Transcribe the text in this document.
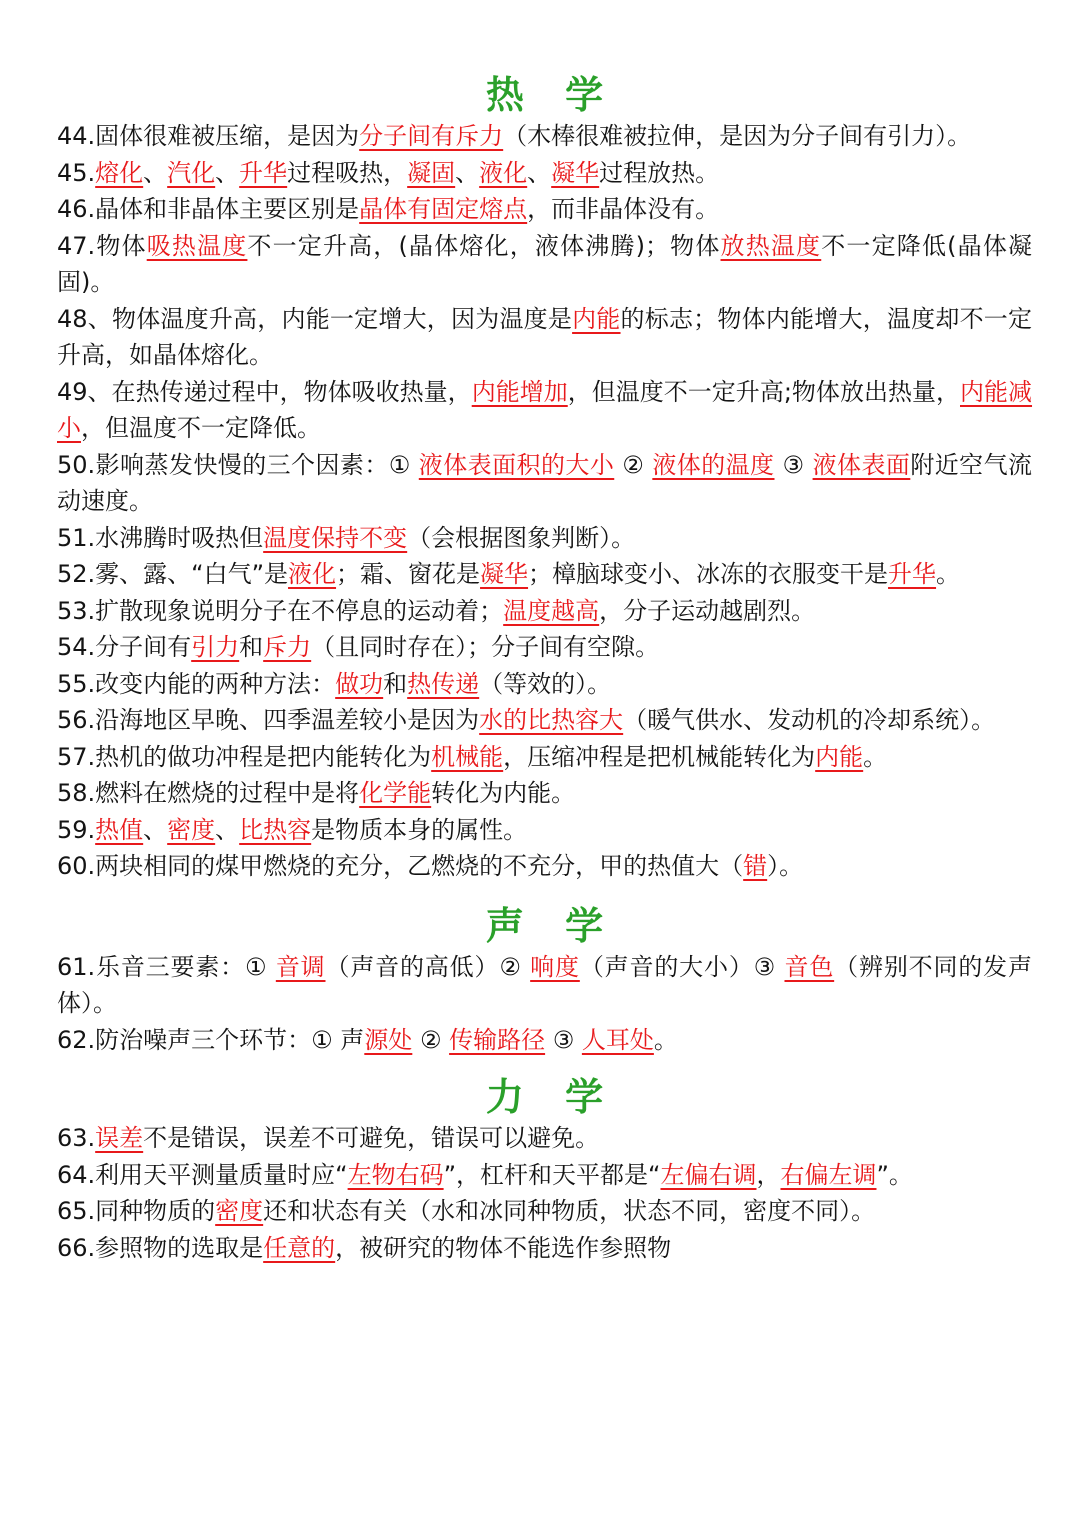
热 学
44.固体很难被压缩，是因为分子间有斥力（木棒很难被拉伸，是因为分子间有引力）。
45.熔化、汽化、升华过程吸热，凝固、液化、凝华过程放热。
46.晶体和非晶体主要区别是晶体有固定熔点，而非晶体没有。
47.物体吸热温度不一定升高，(晶体熔化，液体沸腾)；物体放热温度不一定降低(晶体凝固)。
48、物体温度升高，内能一定增大，因为温度是内能的标志；物体内能增大，温度却不一定升高，如晶体熔化。
49、在热传递过程中，物体吸收热量，内能增加，但温度不一定升高;物体放出热量，内能减小，但温度不一定降低。
50.影响蒸发快慢的三个因素：① 液体表面积的大小 ② 液体的温度 ③ 液体表面附近空气流动速度。
51.水沸腾时吸热但温度保持不变（会根据图象判断）。
52.雾、露、“白气”是液化；霜、窗花是凝华；樟脑球变小、冰冻的衣服变干是升华。
53.扩散现象说明分子在不停息的运动着；温度越高，分子运动越剧烈。
54.分子间有引力和斥力（且同时存在）；分子间有空隙。
55.改变内能的两种方法：做功和热传递（等效的）。
56.沿海地区早晚、四季温差较小是因为水的比热容大（暖气供水、发动机的冷却系统）。
57.热机的做功冲程是把内能转化为机械能，压缩冲程是把机械能转化为内能。
58.燃料在燃烧的过程中是将化学能转化为内能。
59.热值、密度、比热容是物质本身的属性。
60.两块相同的煤甲燃烧的充分，乙燃烧的不充分，甲的热值大（错）。
声 学
61.乐音三要素：① 音调（声音的高低）② 响度（声音的大小）③ 音色（辨别不同的发声体）。
62.防治噪声三个环节：① 声源处 ② 传输路径 ③ 人耳处。
力 学
63.误差不是错误，误差不可避免，错误可以避免。
64.利用天平测量质量时应“左物右码”，杠杆和天平都是“左偏右调，右偏左调”。
65.同种物质的密度还和状态有关（水和冰同种物质，状态不同，密度不同）。
66.参照物的选取是任意的，被研究的物体不能选作参照物
